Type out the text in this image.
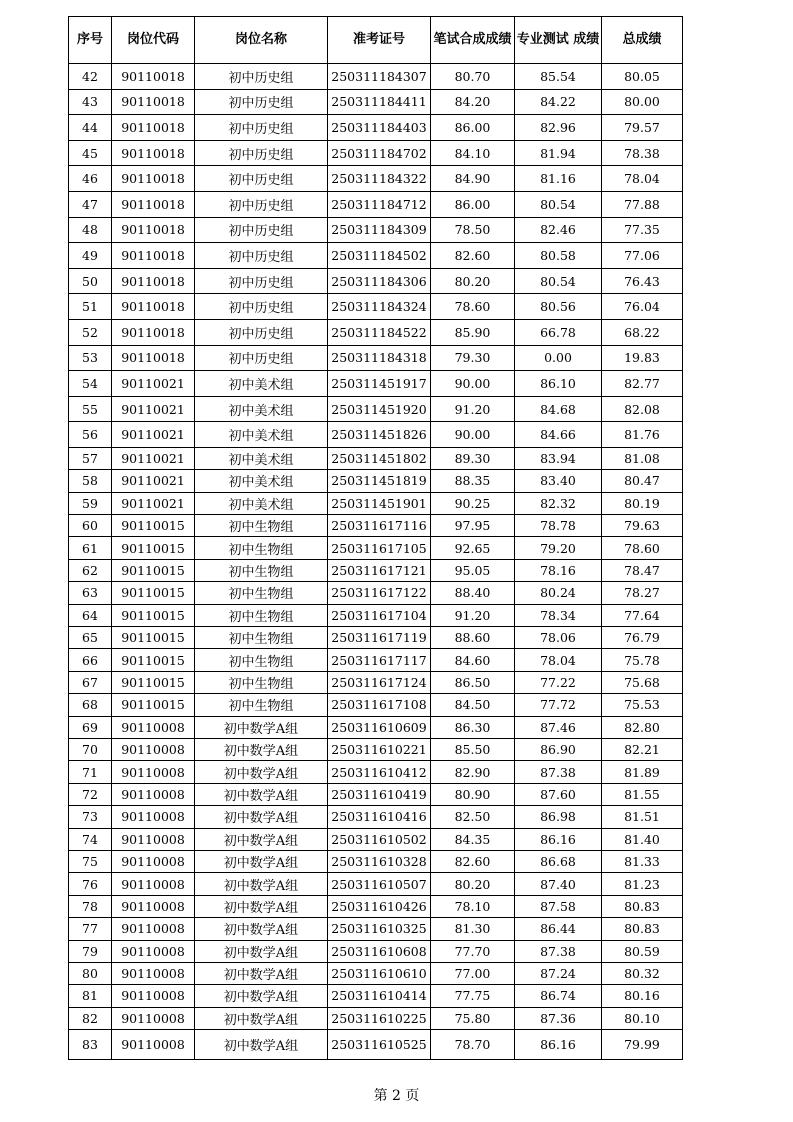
序号	岗位代码	岗位名称	准考证号	笔试合成成绩	专业测试 成绩	总成绩
42	90110018	初中历史组	250311184307	80.70	85.54	80.05
43	90110018	初中历史组	250311184411	84.20	84.22	80.00
44	90110018	初中历史组	250311184403	86.00	82.96	79.57
45	90110018	初中历史组	250311184702	84.10	81.94	78.38
46	90110018	初中历史组	250311184322	84.90	81.16	78.04
47	90110018	初中历史组	250311184712	86.00	80.54	77.88
48	90110018	初中历史组	250311184309	78.50	82.46	77.35
49	90110018	初中历史组	250311184502	82.60	80.58	77.06
50	90110018	初中历史组	250311184306	80.20	80.54	76.43
51	90110018	初中历史组	250311184324	78.60	80.56	76.04
52	90110018	初中历史组	250311184522	85.90	66.78	68.22
53	90110018	初中历史组	250311184318	79.30	0.00	19.83
54	90110021	初中美术组	250311451917	90.00	86.10	82.77
55	90110021	初中美术组	250311451920	91.20	84.68	82.08
56	90110021	初中美术组	250311451826	90.00	84.66	81.76
57	90110021	初中美术组	250311451802	89.30	83.94	81.08
58	90110021	初中美术组	250311451819	88.35	83.40	80.47
59	90110021	初中美术组	250311451901	90.25	82.32	80.19
60	90110015	初中生物组	250311617116	97.95	78.78	79.63
61	90110015	初中生物组	250311617105	92.65	79.20	78.60
62	90110015	初中生物组	250311617121	95.05	78.16	78.47
63	90110015	初中生物组	250311617122	88.40	80.24	78.27
64	90110015	初中生物组	250311617104	91.20	78.34	77.64
65	90110015	初中生物组	250311617119	88.60	78.06	76.79
66	90110015	初中生物组	250311617117	84.60	78.04	75.78
67	90110015	初中生物组	250311617124	86.50	77.22	75.68
68	90110015	初中生物组	250311617108	84.50	77.72	75.53
69	90110008	初中数学A组	250311610609	86.30	87.46	82.80
70	90110008	初中数学A组	250311610221	85.50	86.90	82.21
71	90110008	初中数学A组	250311610412	82.90	87.38	81.89
72	90110008	初中数学A组	250311610419	80.90	87.60	81.55
73	90110008	初中数学A组	250311610416	82.50	86.98	81.51
74	90110008	初中数学A组	250311610502	84.35	86.16	81.40
75	90110008	初中数学A组	250311610328	82.60	86.68	81.33
76	90110008	初中数学A组	250311610507	80.20	87.40	81.23
78	90110008	初中数学A组	250311610426	78.10	87.58	80.83
77	90110008	初中数学A组	250311610325	81.30	86.44	80.83
79	90110008	初中数学A组	250311610608	77.70	87.38	80.59
80	90110008	初中数学A组	250311610610	77.00	87.24	80.32
81	90110008	初中数学A组	250311610414	77.75	86.74	80.16
82	90110008	初中数学A组	250311610225	75.80	87.36	80.10
83	90110008	初中数学A组	250311610525	78.70	86.16	79.99
第 2 页
